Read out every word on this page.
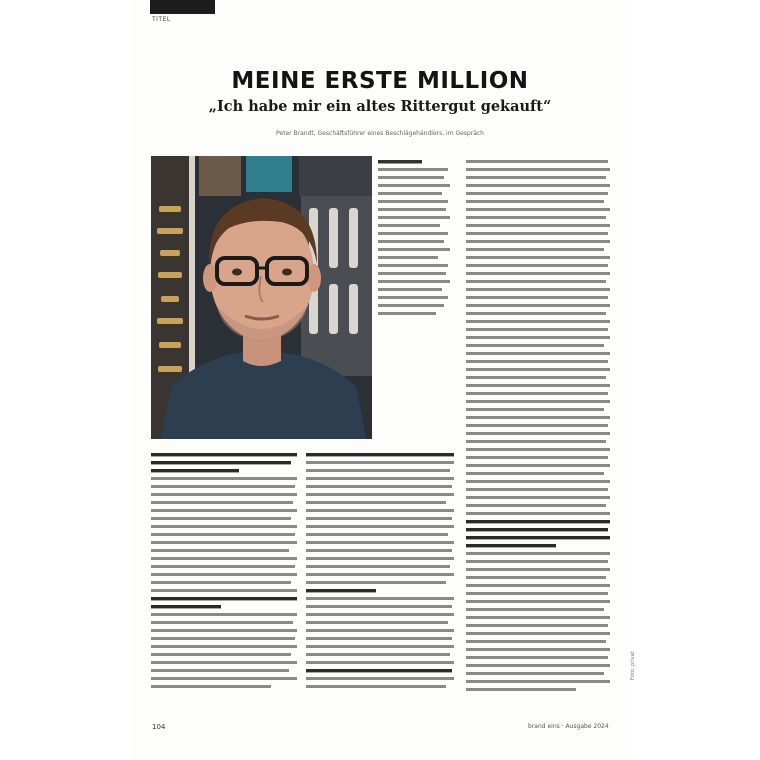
TITEL
MEINE ERSTE MILLION
„Ich habe mir ein altes Rittergut gekauft“
Peter Brandt, Geschäftsführer eines Beschlägehändlers, im Gespräch
104	brand eins · Ausgabe 2024
Foto: privat
